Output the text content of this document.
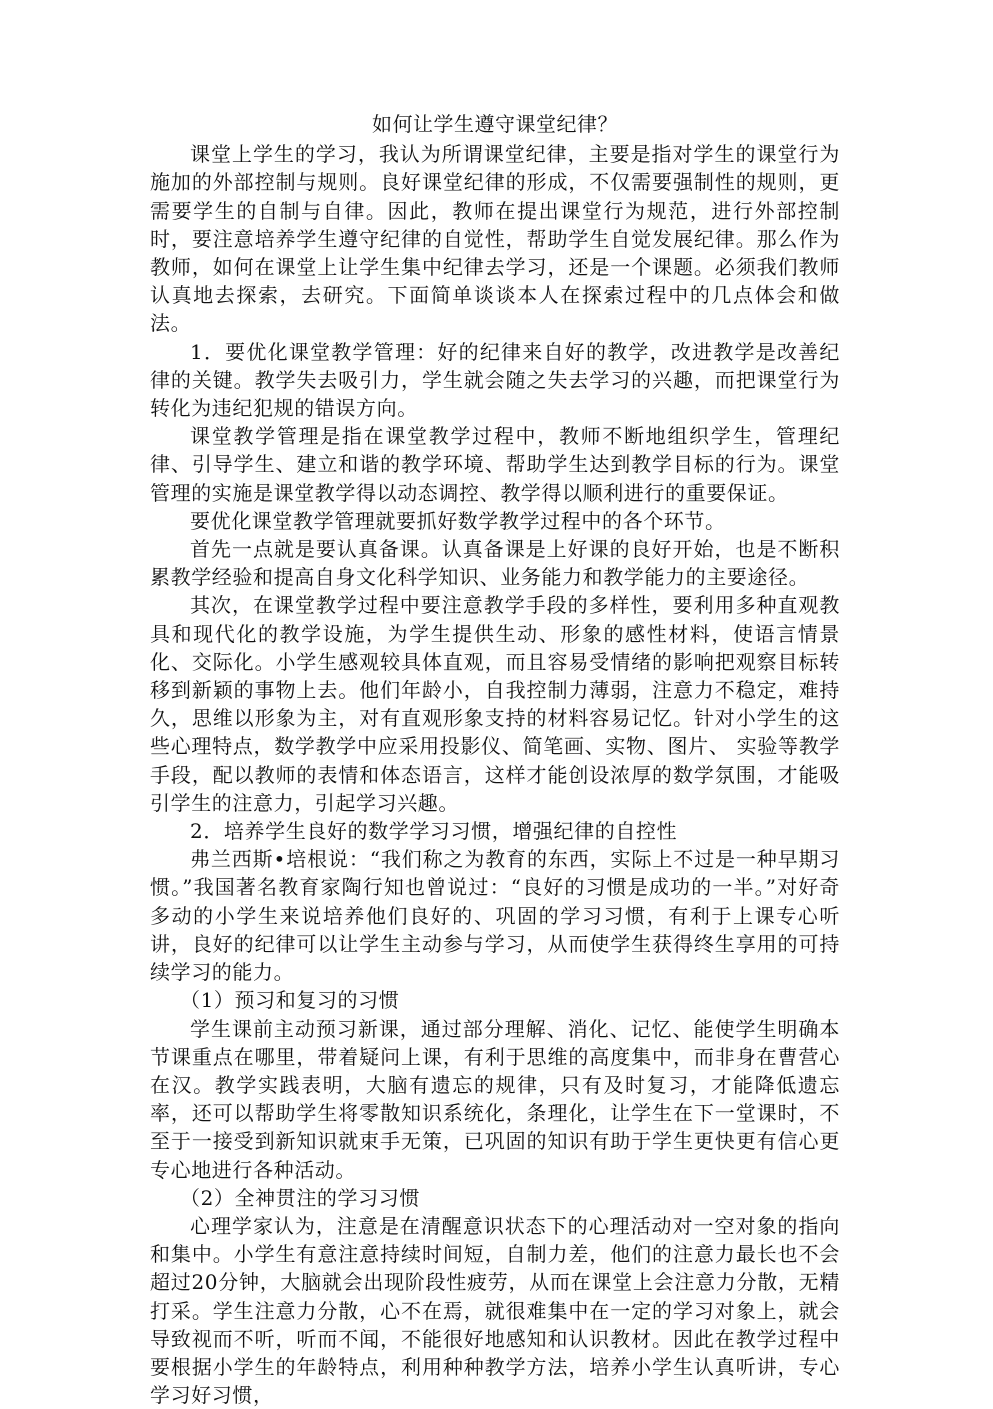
如何让学生遵守课堂纪律？

课堂上学生的学习，我认为所谓课堂纪律，主要是指对学生的课堂行为施加的外部控制与规则。良好课堂纪律的形成，不仅需要强制性的规则，更需要学生的自制与自律。因此，教师在提出课堂行为规范，进行外部控制时，要注意培养学生遵守纪律的自觉性，帮助学生自觉发展纪律。那么作为教师，如何在课堂上让学生集中纪律去学习，还是一个课题。必须我们教师认真地去探索，去研究。下面简单谈谈本人在探索过程中的几点体会和做法。

1．要优化课堂教学管理：好的纪律来自好的教学，改进教学是改善纪律的关键。教学失去吸引力，学生就会随之失去学习的兴趣，而把课堂行为转化为违纪犯规的错误方向。

课堂教学管理是指在课堂教学过程中，教师不断地组织学生，管理纪律、引导学生、建立和谐的教学环境、帮助学生达到教学目标的行为。课堂管理的实施是课堂教学得以动态调控、教学得以顺利进行的重要保证。

要优化课堂教学管理就要抓好数学教学过程中的各个环节。

首先一点就是要认真备课。认真备课是上好课的良好开始，也是不断积累教学经验和提高自身文化科学知识、业务能力和教学能力的主要途径。

其次，在课堂教学过程中要注意教学手段的多样性，要利用多种直观教具和现代化的教学设施，为学生提供生动、形象的感性材料，使语言情景化、交际化。小学生感观较具体直观，而且容易受情绪的影响把观察目标转移到新颖的事物上去。他们年龄小，自我控制力薄弱，注意力不稳定，难持久，思维以形象为主，对有直观形象支持的材料容易记忆。针对小学生的这些心理特点，数学教学中应采用投影仪、简笔画、实物、图片、 实验等教学手段，配以教师的表情和体态语言，这样才能创设浓厚的数学氛围，才能吸引学生的注意力，引起学习兴趣。

2．培养学生良好的数学学习习惯，增强纪律的自控性

弗兰西斯•培根说：“我们称之为教育的东西，实际上不过是一种早期习惯。”我国著名教育家陶行知也曾说过：“良好的习惯是成功的一半。”对好奇多动的小学生来说培养他们良好的、巩固的学习习惯，有利于上课专心听讲，良好的纪律可以让学生主动参与学习，从而使学生获得终生享用的可持续学习的能力。

（1）预习和复习的习惯

学生课前主动预习新课，通过部分理解、消化、记忆、能使学生明确本节课重点在哪里，带着疑问上课，有利于思维的高度集中，而非身在曹营心在汉。教学实践表明，大脑有遗忘的规律，只有及时复习，才能降低遗忘率，还可以帮助学生将零散知识系统化，条理化，让学生在下一堂课时，不至于一接受到新知识就束手无策，已巩固的知识有助于学生更快更有信心更专心地进行各种活动。

（2）全神贯注的学习习惯

心理学家认为，注意是在清醒意识状态下的心理活动对一空对象的指向和集中。小学生有意注意持续时间短，自制力差，他们的注意力最长也不会超过20分钟，大脑就会出现阶段性疲劳，从而在课堂上会注意力分散，无精打采。学生注意力分散，心不在焉，就很难集中在一定的学习对象上，就会导致视而不听，听而不闻，不能很好地感知和认识教材。因此在教学过程中要根据小学生的年龄特点，利用种种教学方法，培养小学生认真听讲，专心学习好习惯，
